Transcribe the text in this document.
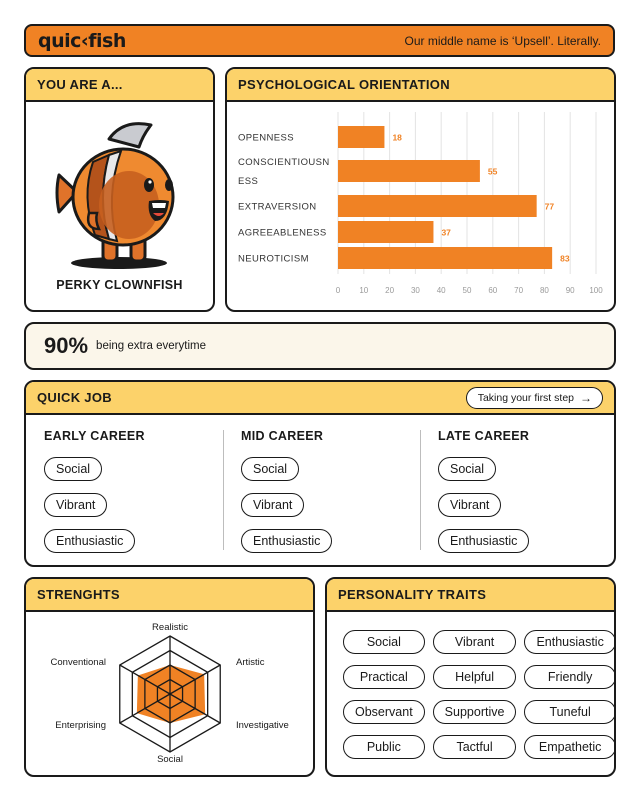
quic‹fish	Our middle name is ‘Upsell’. Literally.
YOU ARE A...
PERKY CLOWNFISH
PSYCHOLOGICAL ORIENTATION
0 10 20 30 40 50 60 70 80 90 100
18
OPENNESS
55
CONSCIENTIOUSN
ESS
77
EXTRAVERSION
37
AGREEABLENESS
83
NEUROTICISM
90% being extra everytime
QUICK JOB	Taking your first step →
EARLY CAREER
Social
Vibrant
Enthusiastic
MID CAREER
Social
Vibrant
Enthusiastic
LATE CAREER
Social
Vibrant
Enthusiastic
STRENGHTS
Realistic
Artistic
Investigative
Social
Enterprising
Conventional
PERSONALITY TRAITS
Social	Vibrant	Enthusiastic
Practical	Helpful	Friendly
Observant	Supportive	Tuneful
Public	Tactful	Empathetic
